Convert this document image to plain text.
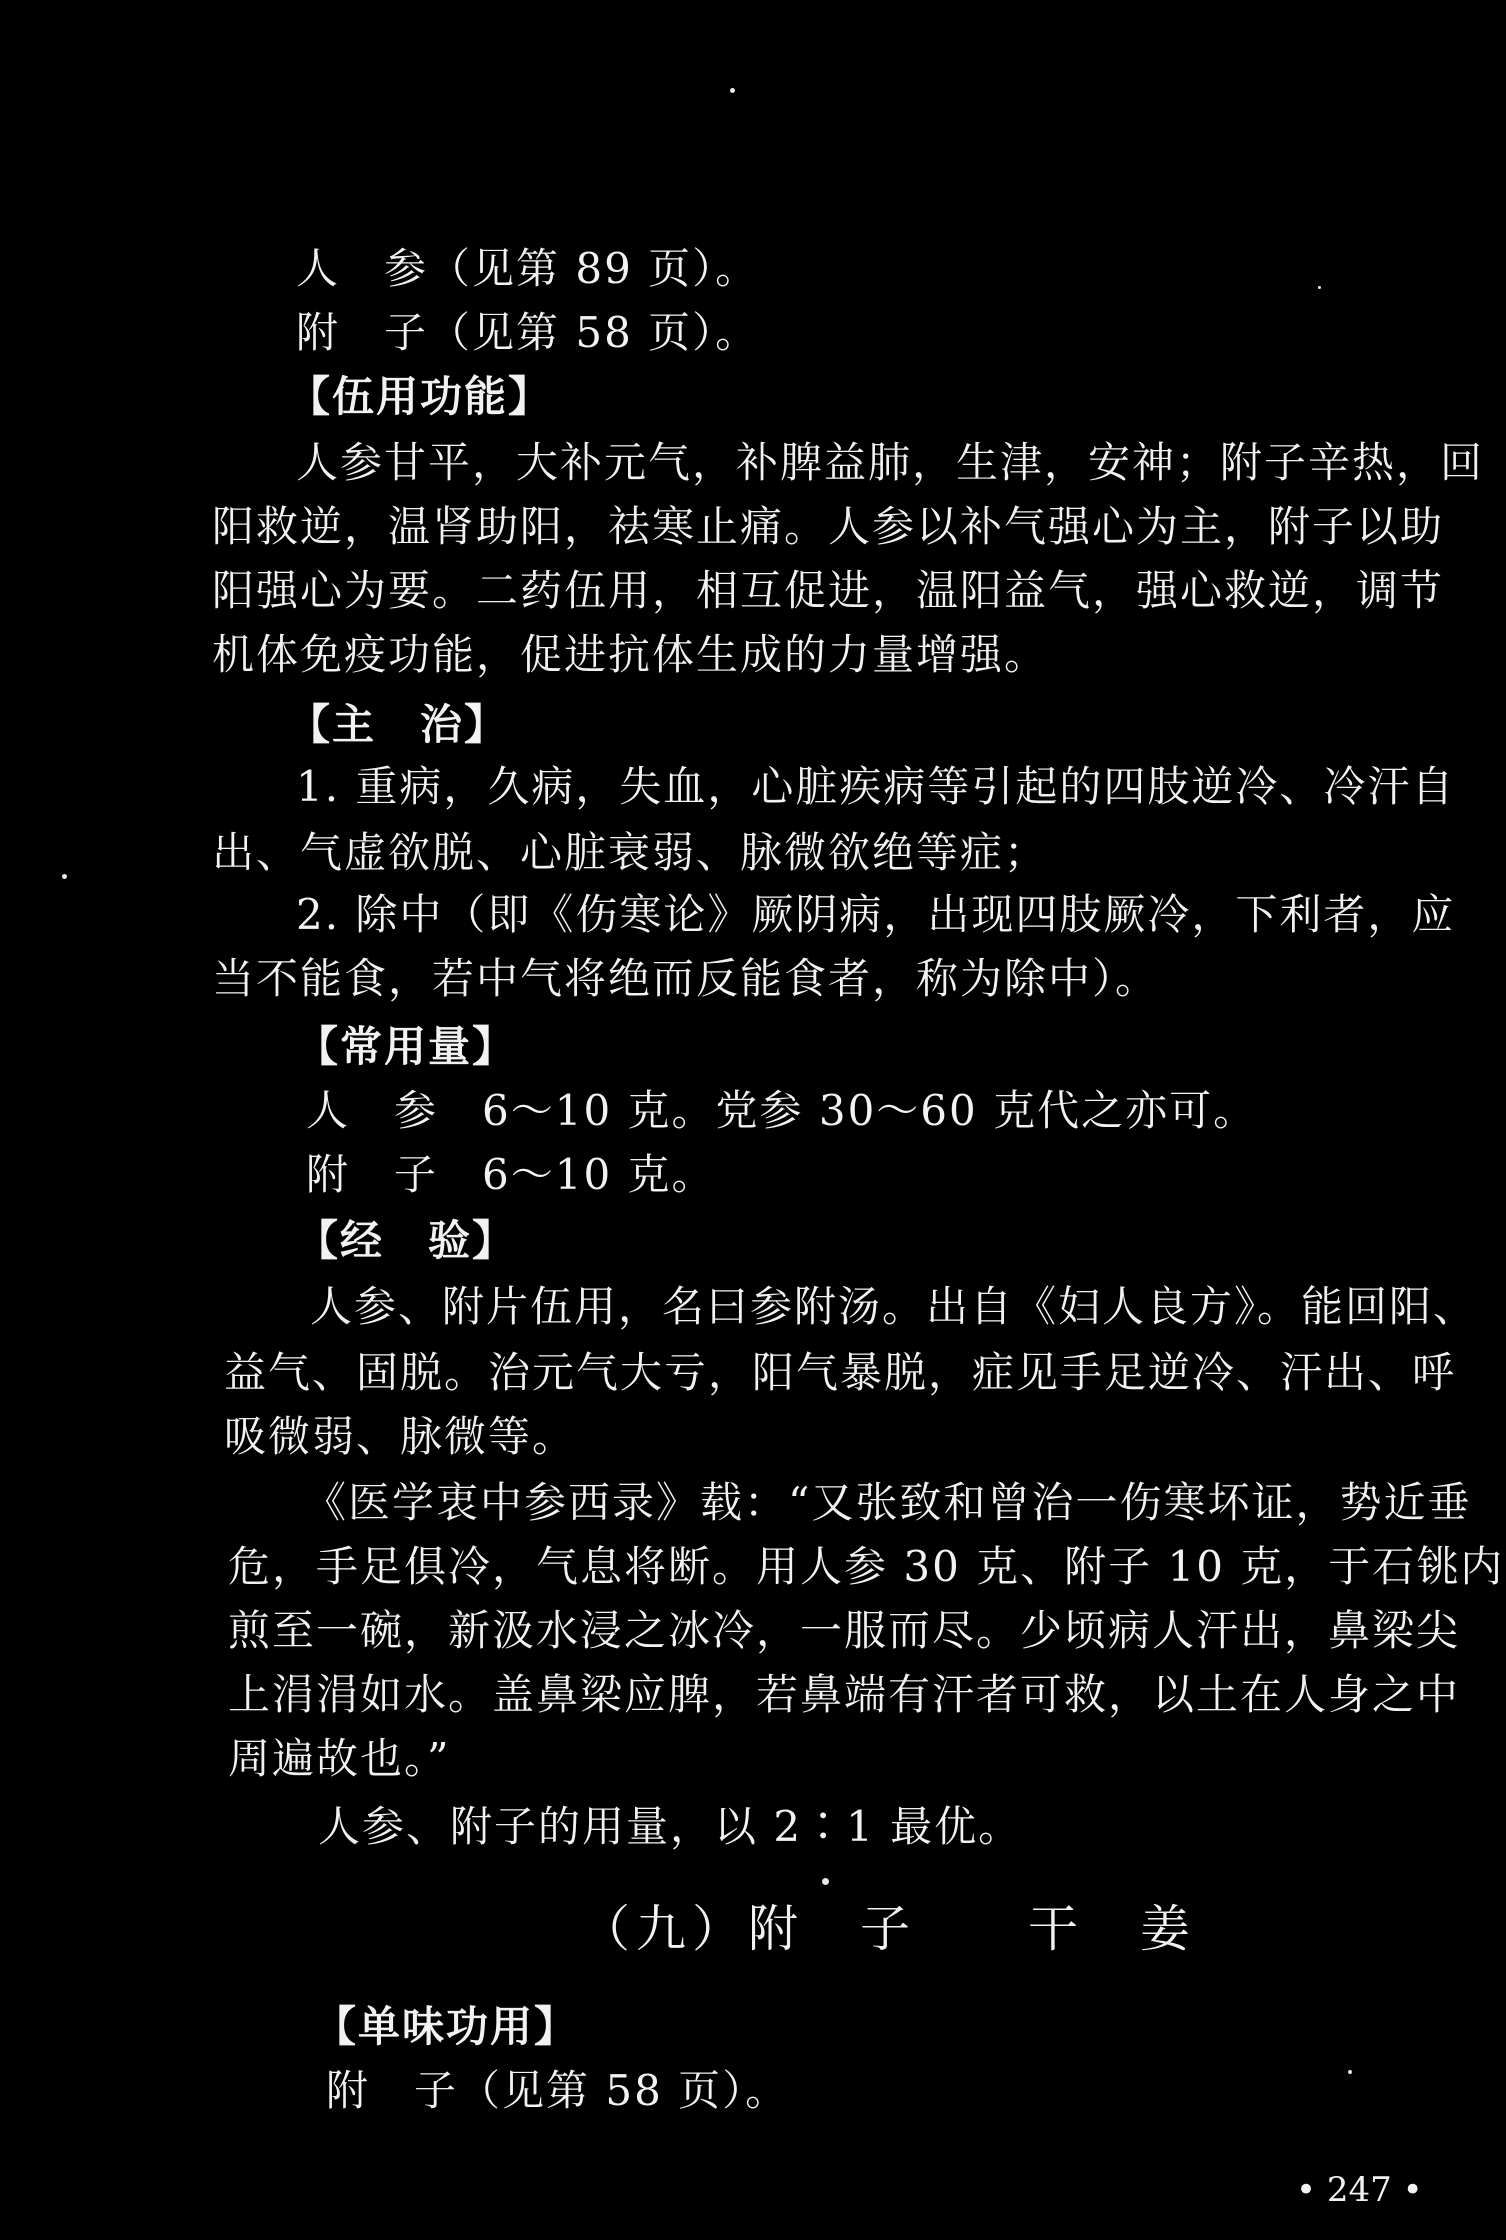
人　参（见第 89 页）。
附　子（见第 58 页）。
【伍用功能】
人参甘平，大补元气，补脾益肺，生津，安神；附子辛热，回
阳救逆，温肾助阳，祛寒止痛。人参以补气强心为主，附子以助
阳强心为要。二药伍用，相互促进，温阳益气，强心救逆，调节
机体免疫功能，促进抗体生成的力量增强。
【主　治】
1. 重病，久病，失血，心脏疾病等引起的四肢逆冷、冷汗自
出、气虚欲脱、心脏衰弱、脉微欲绝等症；
2. 除中（即《伤寒论》厥阴病，出现四肢厥冷，下利者，应
当不能食，若中气将绝而反能食者，称为除中）。
【常用量】
人　参　6～10 克。党参 30～60 克代之亦可。
附　子　6～10 克。
【经　验】
人参、附片伍用，名曰参附汤。出自《妇人良方》。能回阳、
益气、固脱。治元气大亏，阳气暴脱，症见手足逆冷、汗出、呼
吸微弱、脉微等。
《医学衷中参西录》载：“又张致和曾治一伤寒坏证，势近垂
危，手足俱冷，气息将断。用人参 30 克、附子 10 克，于石铫内
煎至一碗，新汲水浸之冰冷，一服而尽。少顷病人汗出，鼻梁尖
上涓涓如水。盖鼻梁应脾，若鼻端有汗者可救，以土在人身之中
周遍故也。”
人参、附子的用量，以 2∶1 最优。
（九）附　子　　干　姜
【单味功用】
附　子（见第 58 页）。
• 247 •
